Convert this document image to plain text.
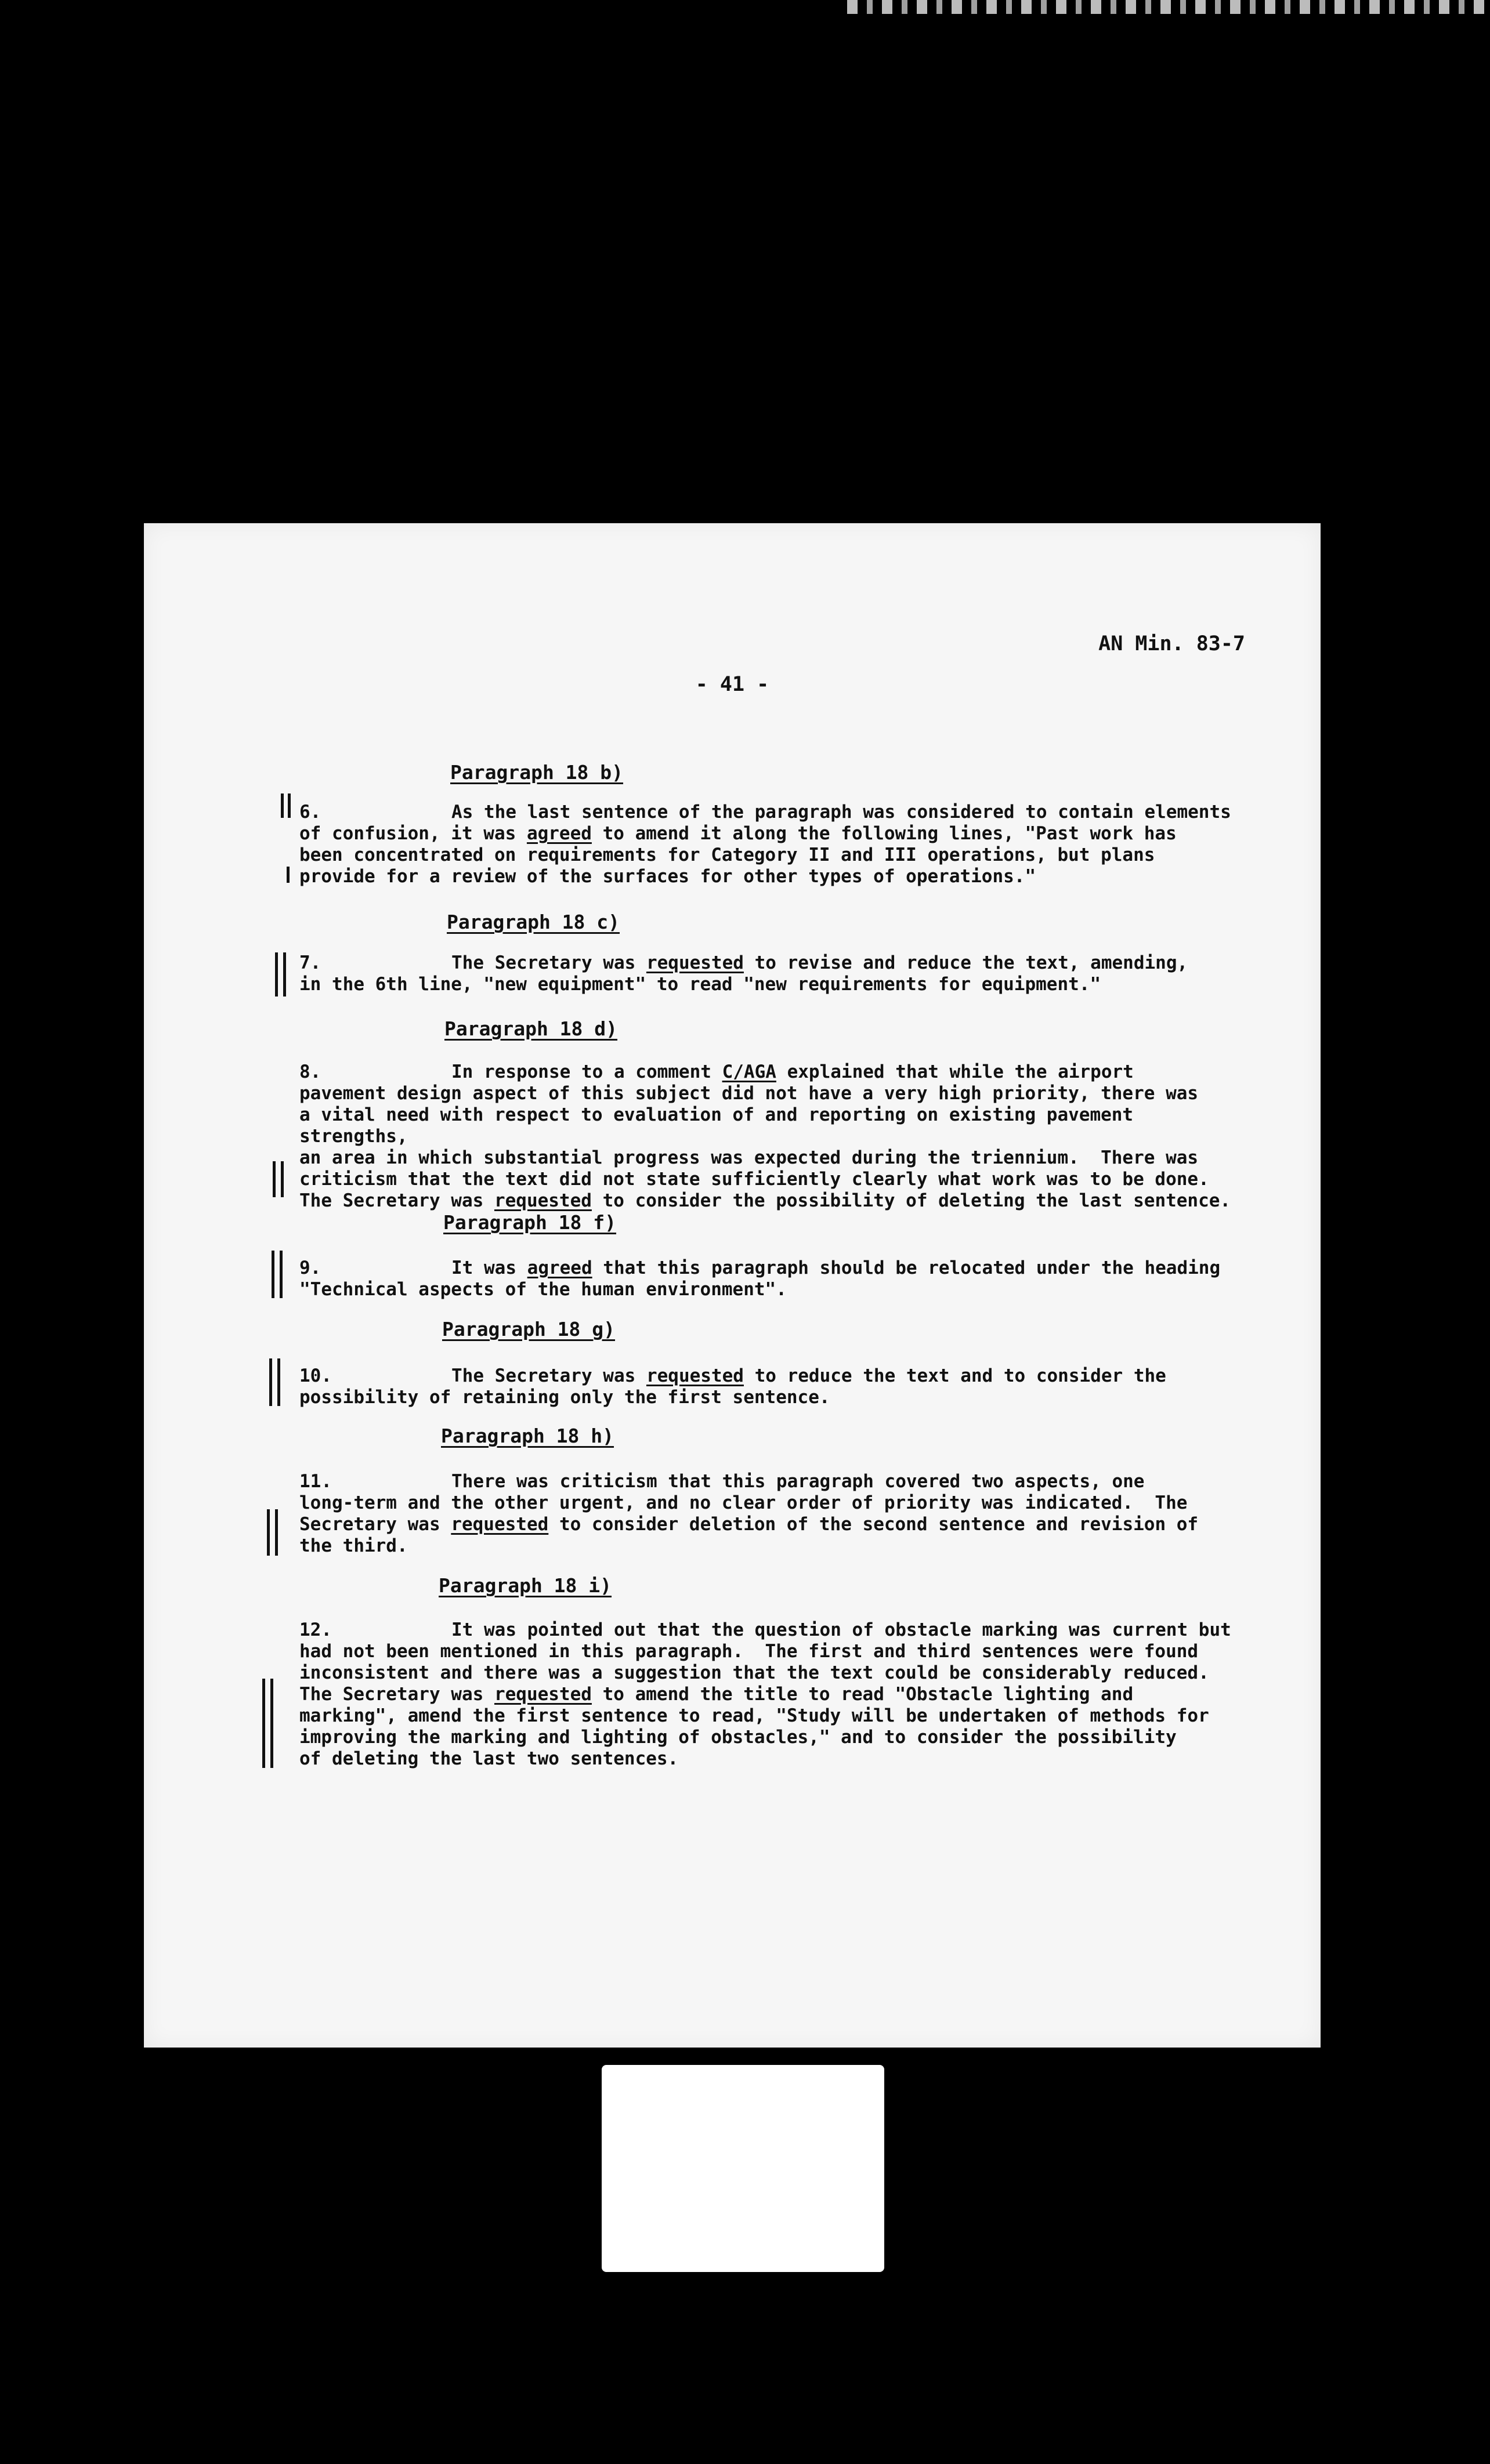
AN Min. 83-7
- 41 -
Paragraph 18 b)

6.	As the last sentence of the paragraph was considered to contain elements
of confusion, it was agreed to amend it along the following lines, "Past work has
been concentrated on requirements for Category II and III operations, but plans
provide for a review of the surfaces for other types of operations."

Paragraph 18 c)

7.	The Secretary was requested to revise and reduce the text, amending,
in the 6th line, "new equipment" to read "new requirements for equipment."

Paragraph 18 d)

8.	In response to a comment C/AGA explained that while the airport
pavement design aspect of this subject did not have a very high priority, there was
a vital need with respect to evaluation of and reporting on existing pavement strengths,
an area in which substantial progress was expected during the triennium.  There was
criticism that the text did not state sufficiently clearly what work was to be done.
The Secretary was requested to consider the possibility of deleting the last sentence.

Paragraph 18 f)

9.	It was agreed that this paragraph should be relocated under the heading
"Technical aspects of the human environment".

Paragraph 18 g)

10.	The Secretary was requested to reduce the text and to consider the
possibility of retaining only the first sentence.

Paragraph 18 h)

11.	There was criticism that this paragraph covered two aspects, one
long-term and the other urgent, and no clear order of priority was indicated.  The
Secretary was requested to consider deletion of the second sentence and revision of
the third.

Paragraph 18 i)

12.	It was pointed out that the question of obstacle marking was current but
had not been mentioned in this paragraph.  The first and third sentences were found
inconsistent and there was a suggestion that the text could be considerably reduced.
The Secretary was requested to amend the title to read "Obstacle lighting and
marking", amend the first sentence to read, "Study will be undertaken of methods for
improving the marking and lighting of obstacles," and to consider the possibility
of deleting the last two sentences.
